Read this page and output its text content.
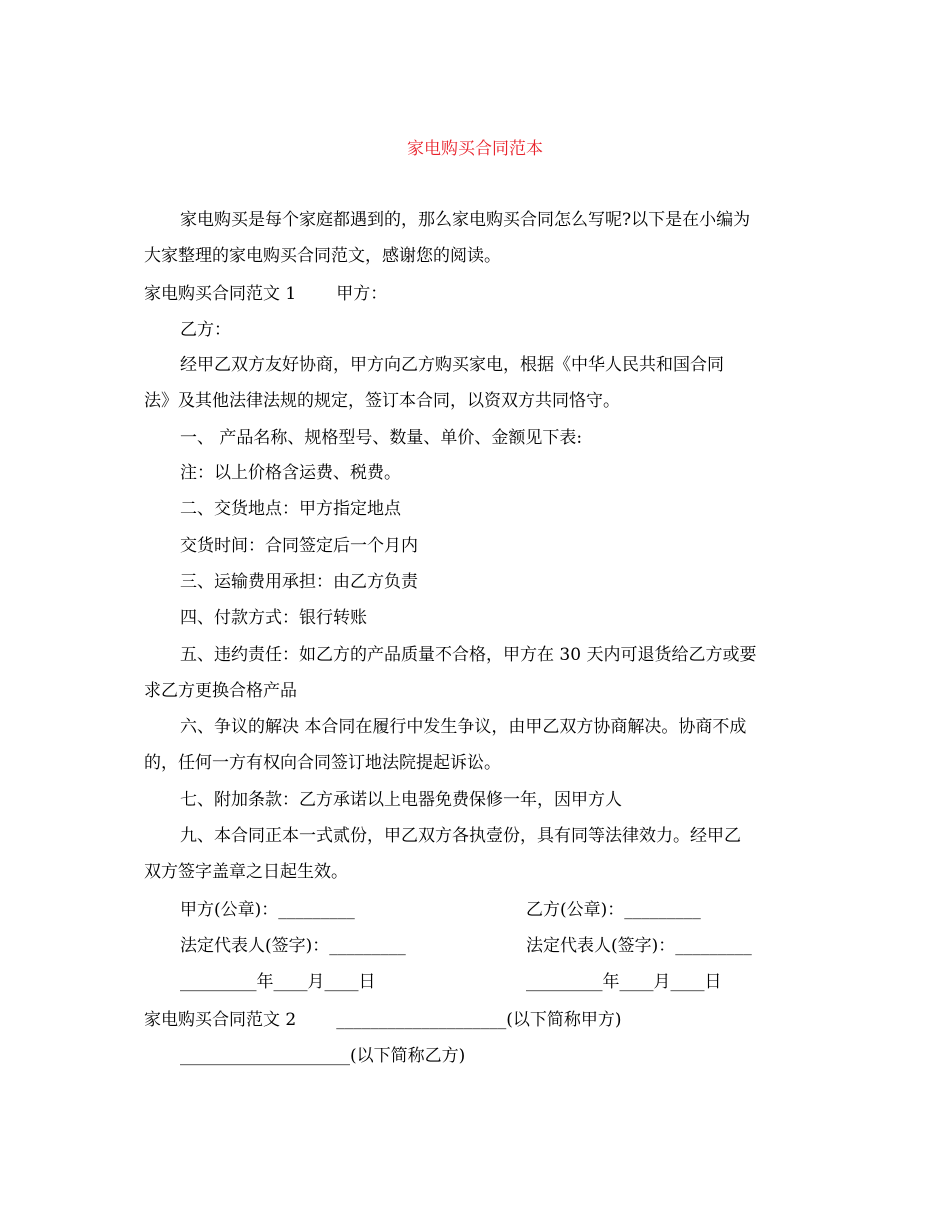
家电购买合同范本
家电购买是每个家庭都遇到的，那么家电购买合同怎么写呢?以下是在小编为
大家整理的家电购买合同范文，感谢您的阅读。
家电购买合同范文 1 甲方：
乙方：
经甲乙双方友好协商，甲方向乙方购买家电，根据《中华人民共和国合同
法》及其他法律法规的规定，签订本合同，以资双方共同恪守。
一、 产品名称、规格型号、数量、单价、金额见下表:
注：以上价格含运费、税费。
二、交货地点：甲方指定地点
交货时间：合同签定后一个月内
三、运输费用承担：由乙方负责
四、付款方式：银行转账
五、违约责任：如乙方的产品质量不合格，甲方在 30 天内可退货给乙方或要
求乙方更换合格产品
六、争议的解决 本合同在履行中发生争议，由甲乙双方协商解决。协商不成
的，任何一方有权向合同签订地法院提起诉讼。
七、附加条款：乙方承诺以上电器免费保修一年，因甲方人
九、本合同正本一式贰份，甲乙双方各执壹份，具有同等法律效力。经甲乙
双方签字盖章之日起生效。
甲方(公章)：_________	乙方(公章)：_________
法定代表人(签字)：_________	法定代表人(签字)：_________
_________年____月____日	_________年____月____日
家电购买合同范文 2 ____________________(以下简称甲方)
____________________(以下简称乙方)
